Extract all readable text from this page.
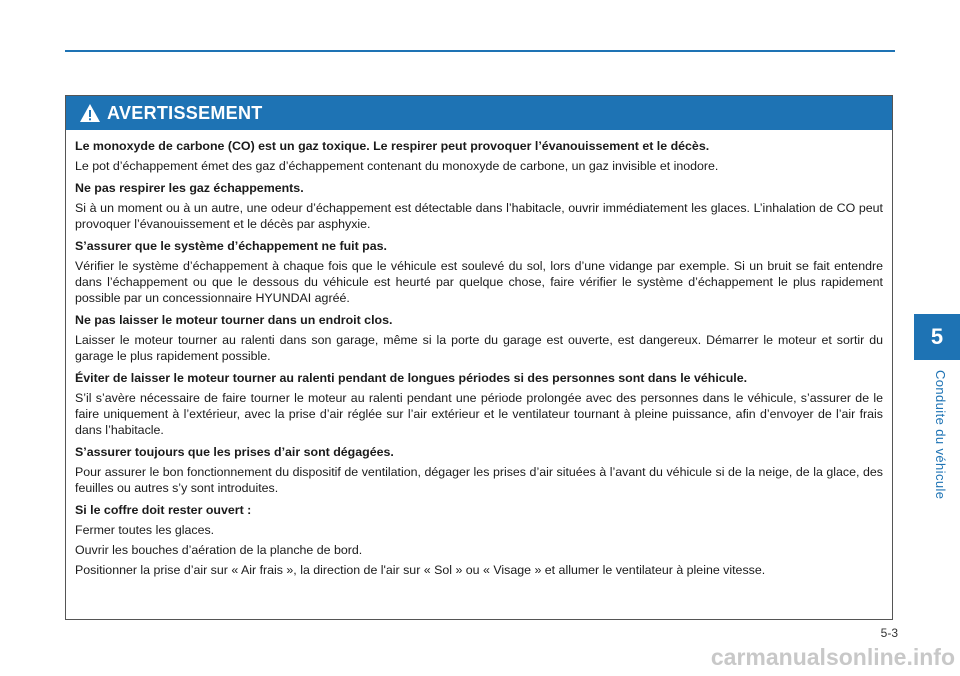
AVERTISSEMENT

Le monoxyde de carbone (CO) est un gaz toxique. Le respirer peut provoquer l’évanouissement et le décès.

Le pot d’échappement émet des gaz d’échappement contenant du monoxyde de carbone, un gaz invisible et inodore.

Ne pas respirer les gaz échappements.

Si à un moment ou à un autre, une odeur d’échappement est détectable dans l’habitacle, ouvrir immédiatement les glaces. L’inhalation de CO peut provoquer l’évanouissement et le décès par asphyxie.

S’assurer que le système d’échappement ne fuit pas.

Vérifier le système d’échappement à chaque fois que le véhicule est soulevé du sol, lors d’une vidange par exemple. Si un bruit se fait entendre dans l’échappement ou que le dessous du véhicule est heurté par quelque chose, faire vérifier le système d’échappement le plus rapidement possible par un concessionnaire HYUNDAI agréé.

Ne pas laisser le moteur tourner dans un endroit clos.

Laisser le moteur tourner au ralenti dans son garage, même si la porte du garage est ouverte, est dangereux. Démarrer le moteur et sortir du garage le plus rapidement possible.

Éviter de laisser le moteur tourner au ralenti pendant de longues périodes si des personnes sont dans le véhicule.

S’il s’avère nécessaire de faire tourner le moteur au ralenti pendant une période prolongée avec des personnes dans le véhicule, s’assurer de le faire uniquement à l’extérieur, avec la prise d’air réglée sur l’air extérieur et le ventilateur tournant à pleine puissance, afin d’envoyer de l’air frais dans l’habitacle.

S’assurer toujours que les prises d’air sont dégagées.

Pour assurer le bon fonctionnement du dispositif de ventilation, dégager les prises d’air situées à l’avant du véhicule si de la neige, de la glace, des feuilles ou autres s’y sont introduites.

Si le coffre doit rester ouvert :

Fermer toutes les glaces.

Ouvrir les bouches d’aération de la planche de bord.

Positionner la prise d’air sur « Air frais », la direction de l'air sur « Sol » ou « Visage » et allumer le ventilateur à pleine vitesse.

5
Conduite du véhicule
5-3
carmanualsonline.info
